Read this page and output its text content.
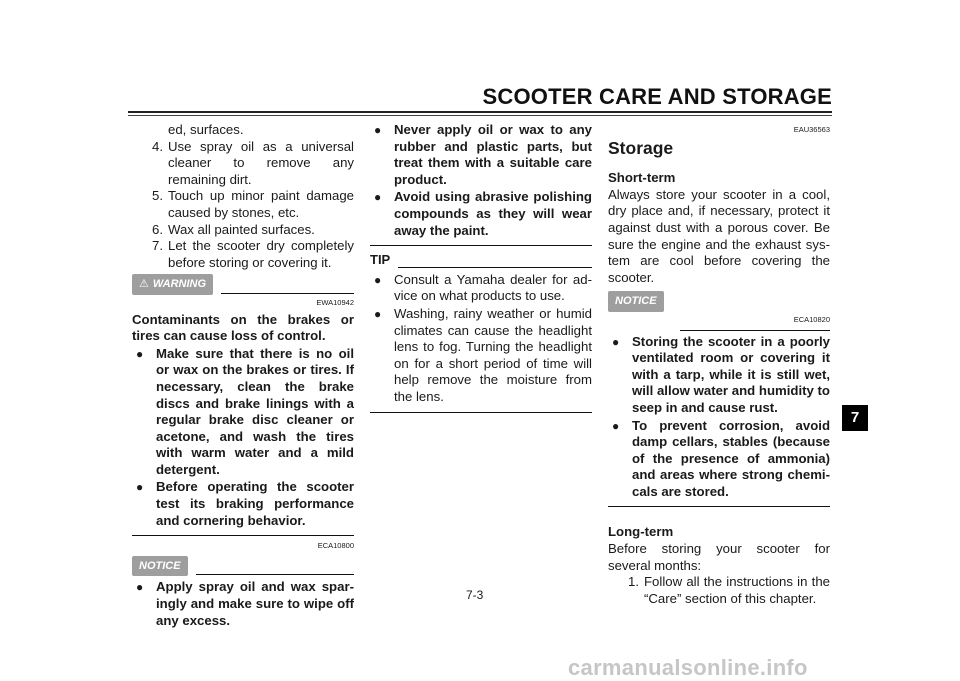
SCOOTER CARE AND STORAGE
7

ed, surfaces.

4. Use spray oil as a universal cleaner to remove any remaining dirt.
5. Touch up minor paint damage caused by stones, etc.
6. Wax all painted surfaces.
7. Let the scooter dry completely before storing or covering it.
⚠ WARNING
EWA10942

Contaminants on the brakes or tires can cause loss of control.

● Make sure that there is no oil or wax on the brakes or tires. If necessary, clean the brake discs and brake linings with a regular brake disc cleaner or acetone, and wash the tires with warm water and a mild detergent.
● Before operating the scooter test its braking performance and cornering behavior.
ECA10800
NOTICE
● Apply spray oil and wax sparingly and make sure to wipe off any excess.
● Never apply oil or wax to any rubber and plastic parts, but treat them with a suitable care product.
● Avoid using abrasive polishing compounds as they will wear away the paint.
TIP
● Consult a Yamaha dealer for advice on what products to use.
● Washing, rainy weather or humid climates can cause the headlight lens to fog. Turning the headlight on for a short period of time will help remove the moisture from the lens.
EAU36563

Storage

Short-term

Always store your scooter in a cool, dry place and, if necessary, protect it against dust with a porous cover. Be sure the engine and the exhaust system are cool before covering the scooter.

NOTICE
ECA10820
● Storing the scooter in a poorly ventilated room or covering it with a tarp, while it is still wet, will allow water and humidity to seep in and cause rust.
● To prevent corrosion, avoid damp cellars, stables (because of the presence of ammonia) and areas where strong chemicals are stored.

Long-term

Before storing your scooter for several months:

1. Follow all the instructions in the “Care” section of this chapter.
7-3
carmanualsonline.info
